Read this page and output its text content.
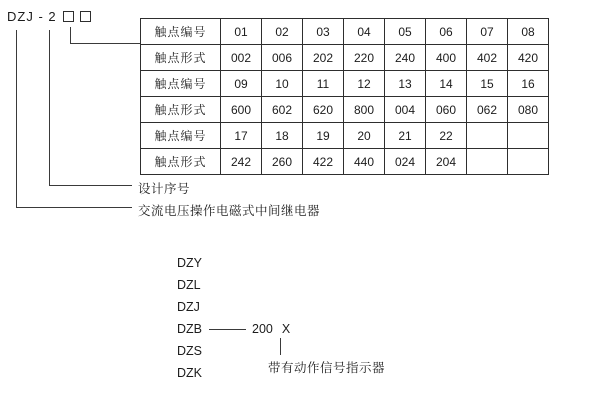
DZJ - 2
触点编号	01	02	03	04	05	06	07	08
触点形式	002	006	202	220	240	400	402	420
触点编号	09	10	11	12	13	14	15	16
触点形式	600	602	620	800	004	060	062	080
触点编号	17	18	19	20	21	22		
触点形式	242	260	422	440	024	204		
设计序号
交流电压操作电磁式中间继电器
DZY
DZL
DZJ
DZB	200 X
DZS
DZK	带有动作信号指示器
